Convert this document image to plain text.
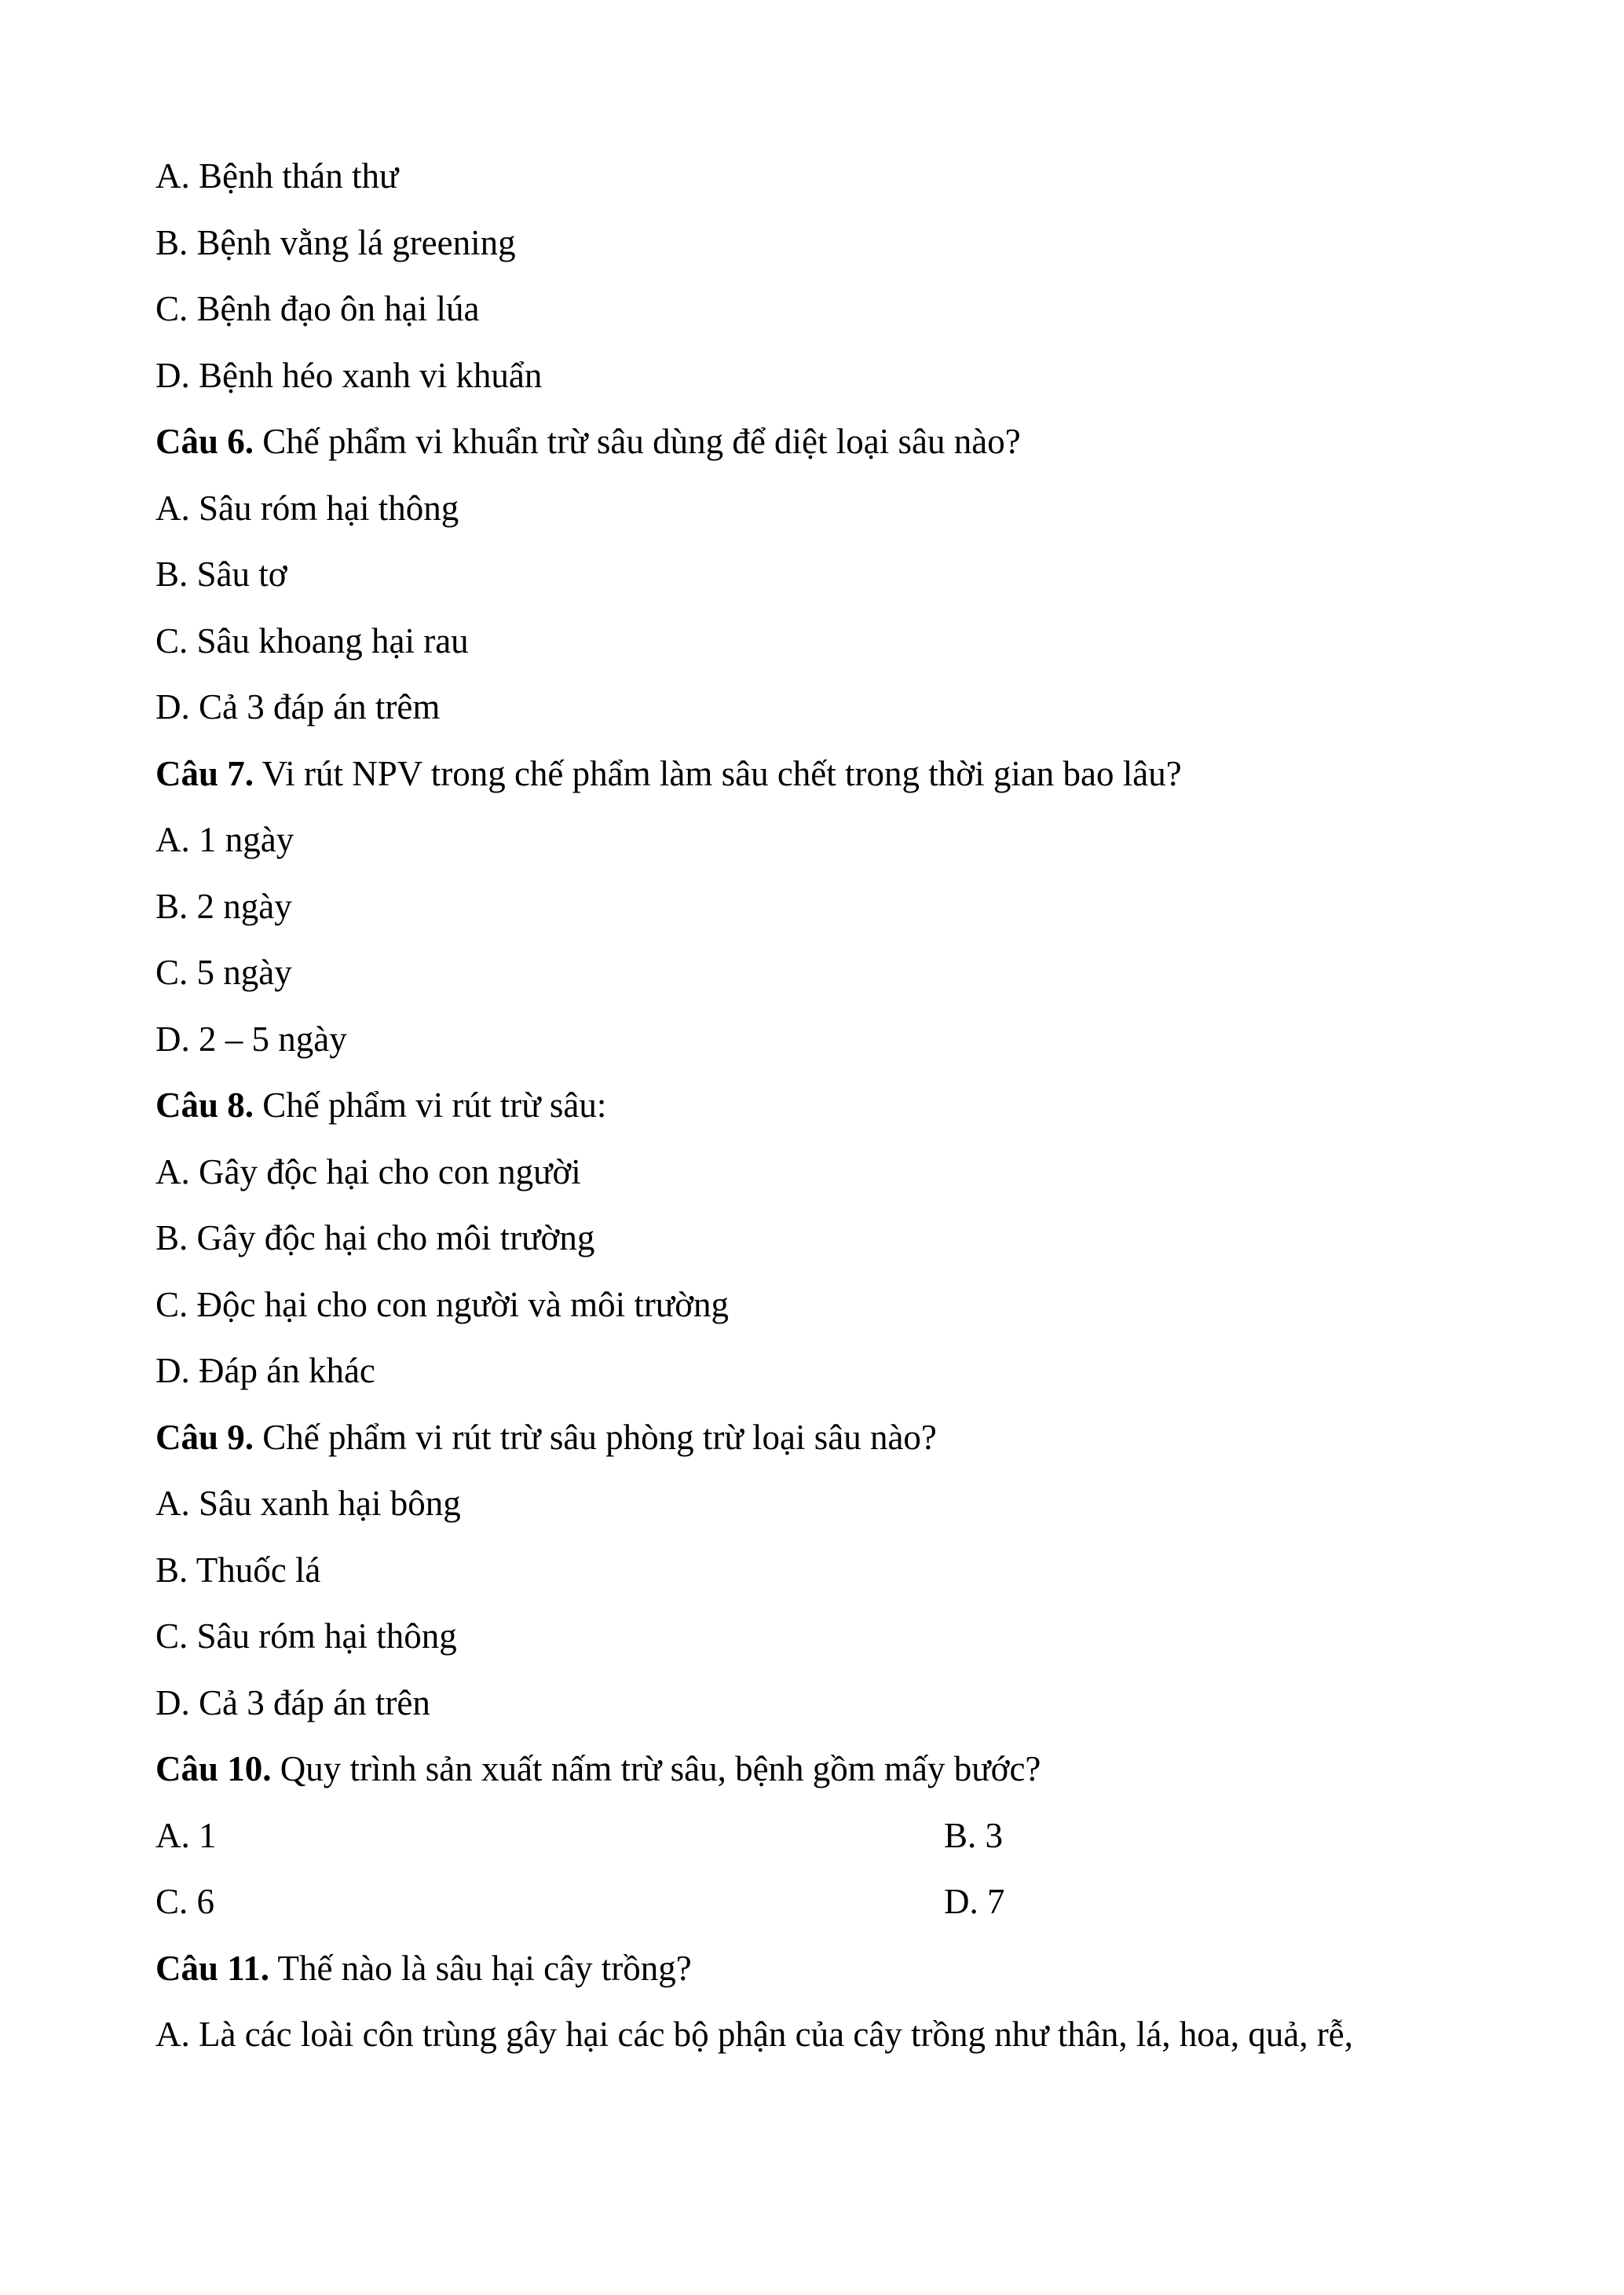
A. Bệnh thán thư
B. Bệnh vằng lá greening
C. Bệnh đạo ôn hại lúa
D. Bệnh héo xanh vi khuẩn
Câu 6. Chế phẩm vi khuẩn trừ sâu dùng để diệt loại sâu nào?
A. Sâu róm hại thông
B. Sâu tơ
C. Sâu khoang hại rau
D. Cả 3 đáp án trêm
Câu 7. Vi rút NPV trong chế phẩm làm sâu chết trong thời gian bao lâu?
A. 1 ngày
B. 2 ngày
C. 5 ngày
D. 2 – 5 ngày
Câu 8. Chế phẩm vi rút trừ sâu:
A. Gây độc hại cho con người
B. Gây độc hại cho môi trường
C. Độc hại cho con người và môi trường
D. Đáp án khác
Câu 9. Chế phẩm vi rút trừ sâu phòng trừ loại sâu nào?
A. Sâu xanh hại bông
B. Thuốc lá
C. Sâu róm hại thông
D. Cả 3 đáp án trên
Câu 10. Quy trình sản xuất nấm trừ sâu, bệnh gồm mấy bước?
A. 1	B. 3
C. 6	D. 7
Câu 11. Thế nào là sâu hại cây trồng?
A. Là các loài côn trùng gây hại các bộ phận của cây trồng như thân, lá, hoa, quả, rễ,
